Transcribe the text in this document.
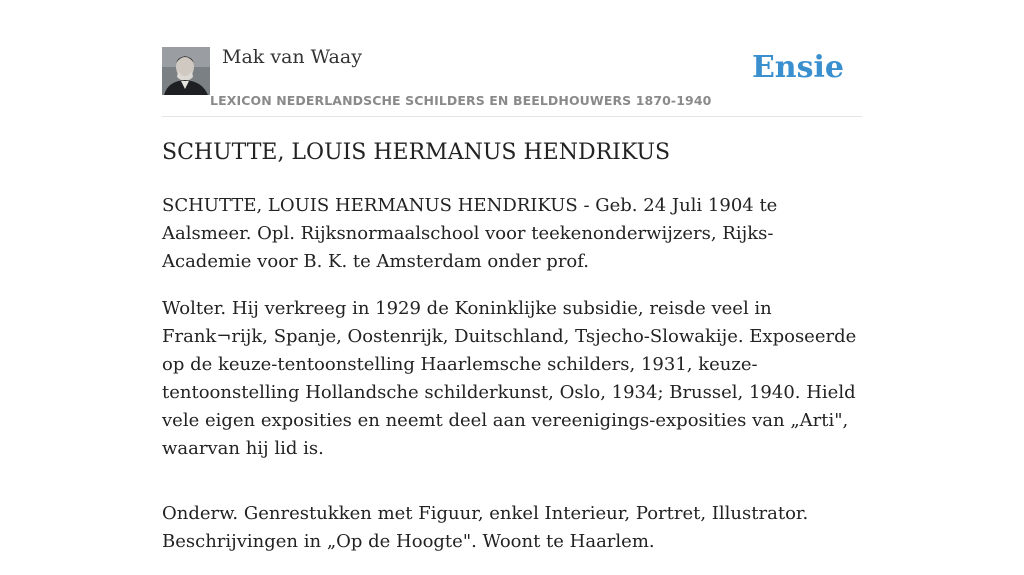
Mak van Waay
LEXICON NEDERLANDSCHE SCHILDERS EN BEELDHOUWERS 1870-1940
Ensie
SCHUTTE, LOUIS HERMANUS HENDRIKUS

SCHUTTE, LOUIS HERMANUS HENDRIKUS - Geb. 24 Juli 1904 te Aalsmeer. Opl. Rijksnormaalschool voor teekenonderwijzers, Rijks-Academie voor B. K. te Amsterdam onder prof.

Wolter. Hij verkreeg in 1929 de Koninklijke subsidie, reisde veel in Frank¬rijk, Spanje, Oostenrijk, Duitschland, Tsjecho-Slowakije. Exposeerde op de keuze-tentoonstelling Haarlemsche schilders, 1931, keuze-tentoonstelling Hollandsche schilderkunst, Oslo, 1934; Brussel, 1940. Hield vele eigen exposities en neemt deel aan vereenigings-exposities van „Arti", waarvan hij lid is.

Onderw. Genrestukken met Figuur, enkel Interieur, Portret, Illustrator. Beschrijvingen in „Op de Hoogte". Woont te Haarlem.
